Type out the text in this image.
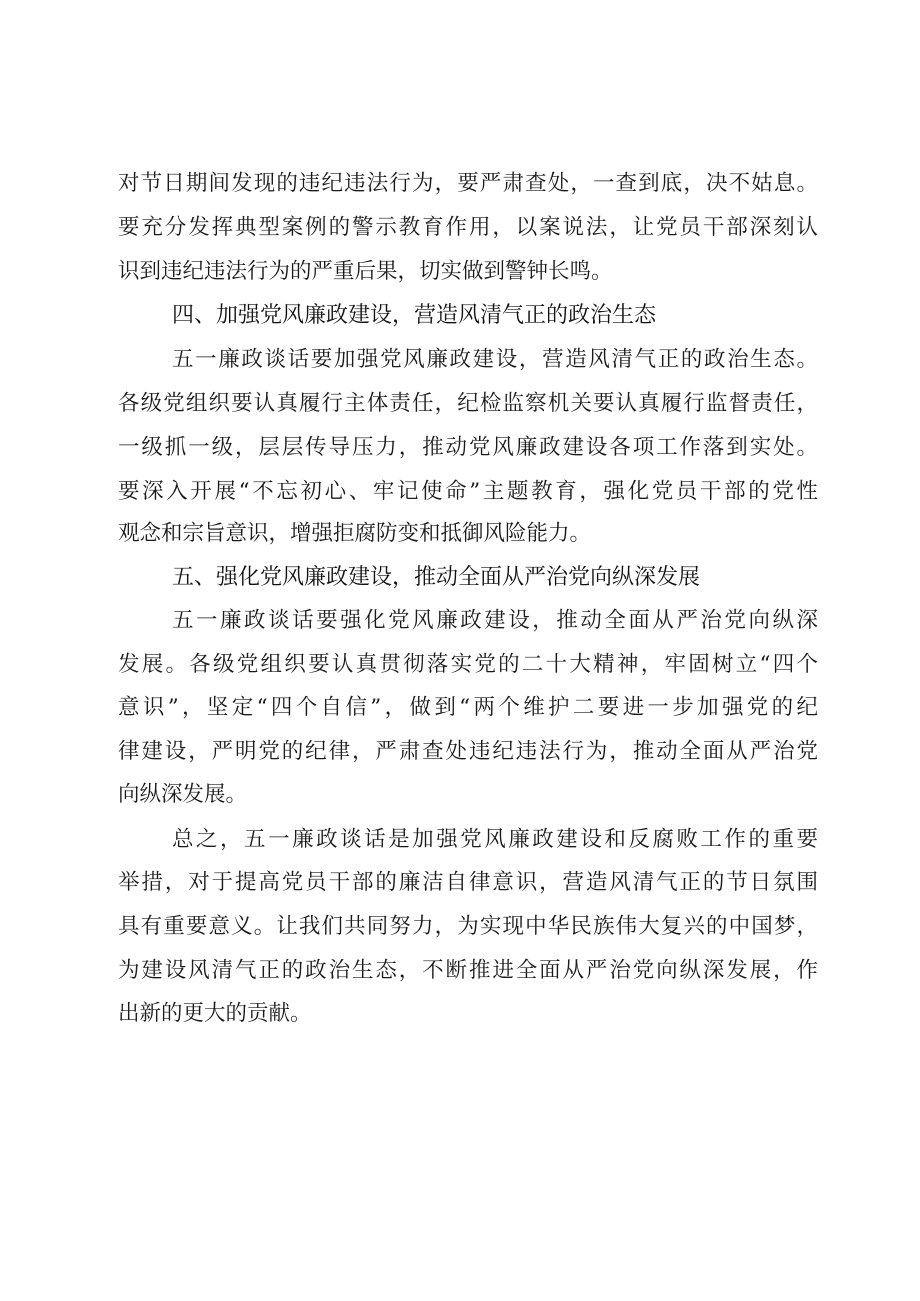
对节日期间发现的违纪违法行为，要严肃查处，一查到底，决不姑息。
要充分发挥典型案例的警示教育作用，以案说法，让党员干部深刻认
识到违纪违法行为的严重后果，切实做到警钟长鸣。
四、加强党风廉政建设，营造风清气正的政治生态
五一廉政谈话要加强党风廉政建设，营造风清气正的政治生态。
各级党组织要认真履行主体责任，纪检监察机关要认真履行监督责任，
一级抓一级，层层传导压力，推动党风廉政建设各项工作落到实处。
要深入开展“不忘初心、牢记使命”主题教育，强化党员干部的党性
观念和宗旨意识，增强拒腐防变和抵御风险能力。
五、强化党风廉政建设，推动全面从严治党向纵深发展
五一廉政谈话要强化党风廉政建设，推动全面从严治党向纵深
发展。各级党组织要认真贯彻落实党的二十大精神，牢固树立“四个
意识”，坚定“四个自信”，做到“两个维护二要进一步加强党的纪
律建设，严明党的纪律，严肃查处违纪违法行为，推动全面从严治党
向纵深发展。
总之，五一廉政谈话是加强党风廉政建设和反腐败工作的重要
举措，对于提高党员干部的廉洁自律意识，营造风清气正的节日氛围
具有重要意义。让我们共同努力，为实现中华民族伟大复兴的中国梦，
为建设风清气正的政治生态，不断推进全面从严治党向纵深发展，作
出新的更大的贡献。
